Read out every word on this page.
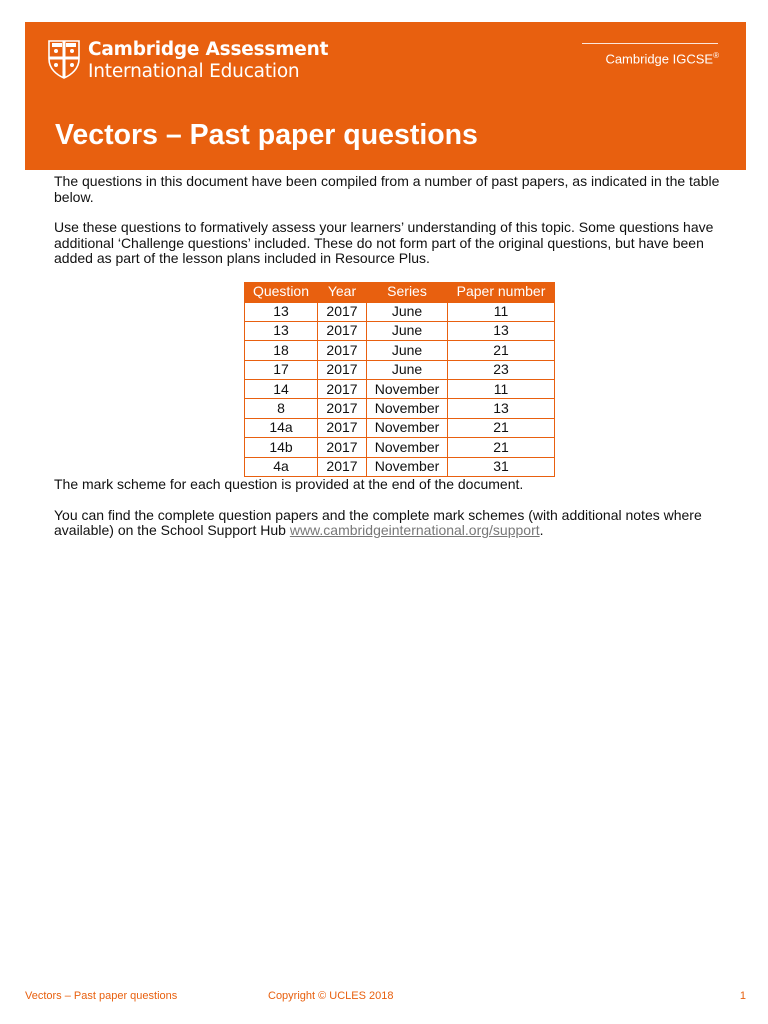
Cambridge Assessment
International Education
Cambridge IGCSE®
Vectors – Past paper questions

The questions in this document have been compiled from a number of past papers, as indicated in the table below.

Use these questions to formatively assess your learners’ understanding of this topic. Some questions have additional ‘Challenge questions’ included. These do not form part of the original questions, but have been added as part of the lesson plans included in Resource Plus.

Question	Year	Series	Paper number
13	2017	June	11
13	2017	June	13
18	2017	June	21
17	2017	June	23
14	2017	November	11
8	2017	November	13
14a	2017	November	21
14b	2017	November	21
4a	2017	November	31

The mark scheme for each question is provided at the end of the document.

You can find the complete question papers and the complete mark schemes (with additional notes where available) on the School Support Hub www.cambridgeinternational.org/support.

Vectors – Past paper questions	Copyright © UCLES 2018	1
